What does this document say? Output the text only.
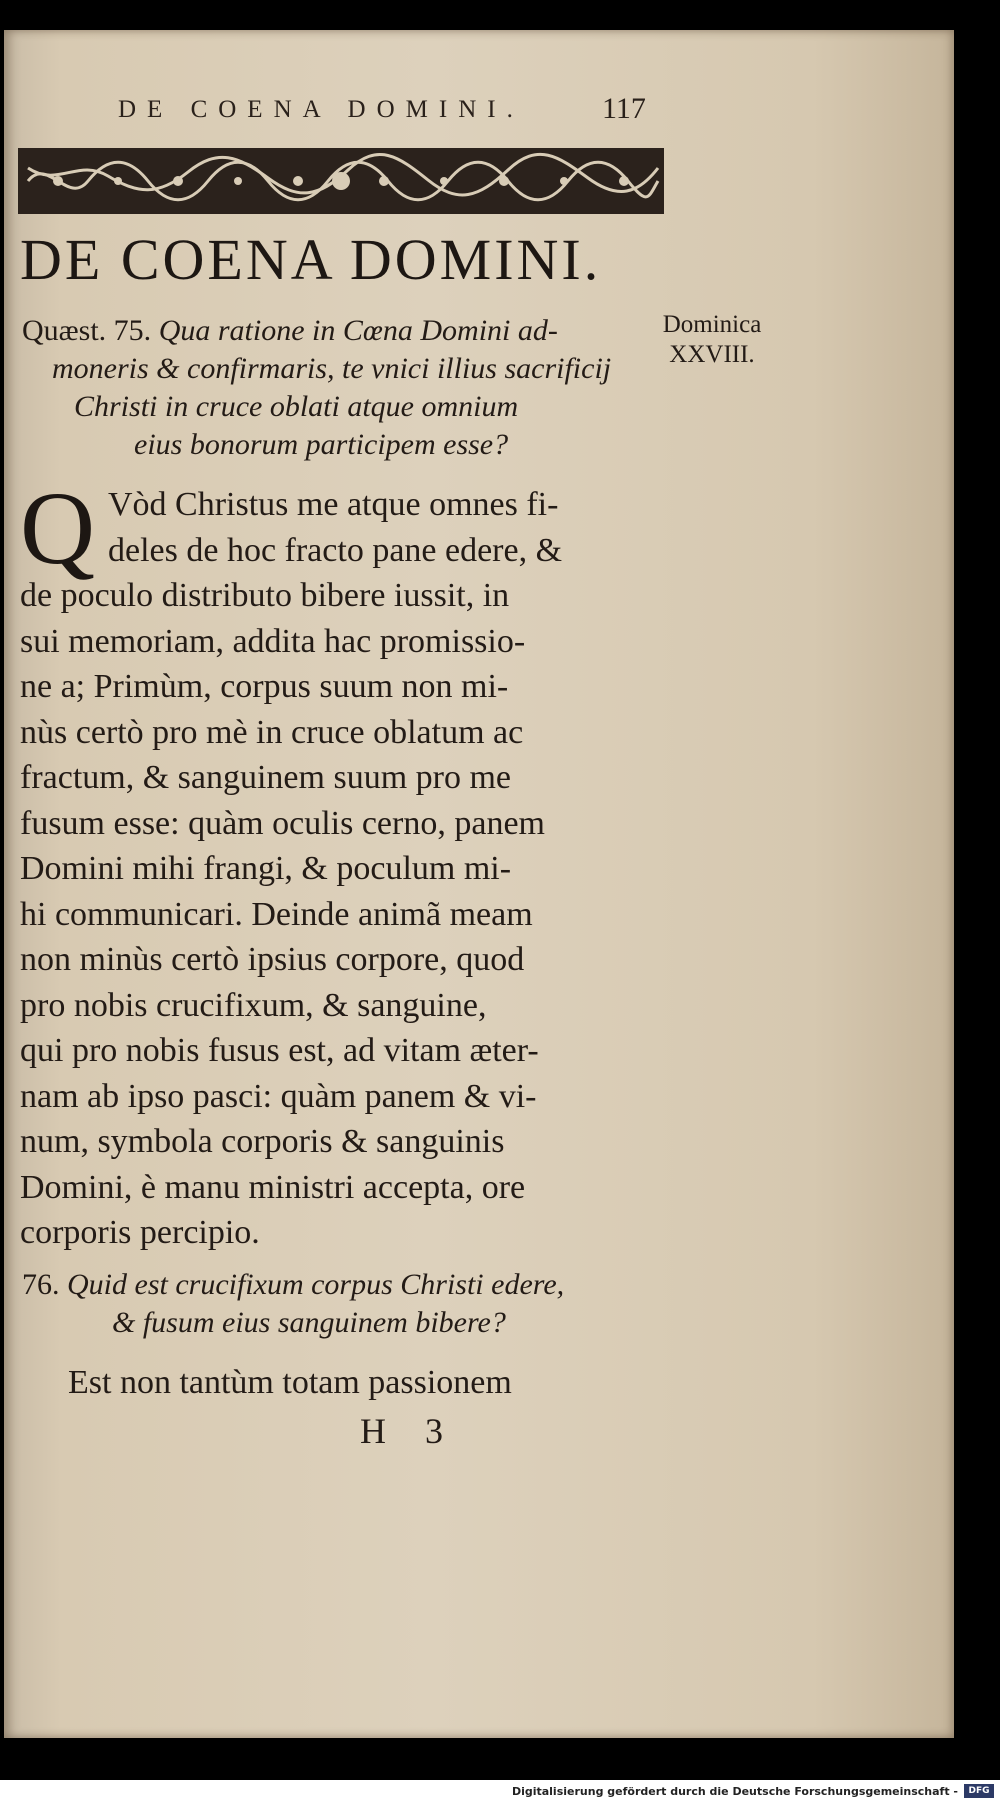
DE COENA DOMINI.	117
DE COENA DOMINI.
Dominica
XXVIII.
Quæst. 75. Qua ratione in Cœna Domini ad-
moneris & confirmaris, te vnici illius sacrificij
Christi in cruce oblati atque omnium
eius bonorum participem esse?
Q Vòd Christus me atque omnes fi-
deles de hoc fracto pane edere, &
de poculo distributo bibere iussit, in
sui memoriam, addita hac promissio-
ne a; Primùm, corpus suum non mi-
nùs certò pro mè in cruce oblatum ac
fractum, & sanguinem suum pro me
fusum esse: quàm oculis cerno, panem
Domini mihi frangi, & poculum mi-
hi communicari. Deinde animã meam
non minùs certò ipsius corpore, quod
pro nobis crucifixum, & sanguine,
qui pro nobis fusus est, ad vitam æter-
nam ab ipso pasci: quàm panem & vi-
num, symbola corporis & sanguinis
Domini, è manu ministri accepta, ore
corporis percipio.
76. Quid est crucifixum corpus Christi edere,
& fusum eius sanguinem bibere?
Est non tantùm totam passionem
H 3
Digitalisierung gefördert durch die Deutsche Forschungsgemeinschaft -	DFG
